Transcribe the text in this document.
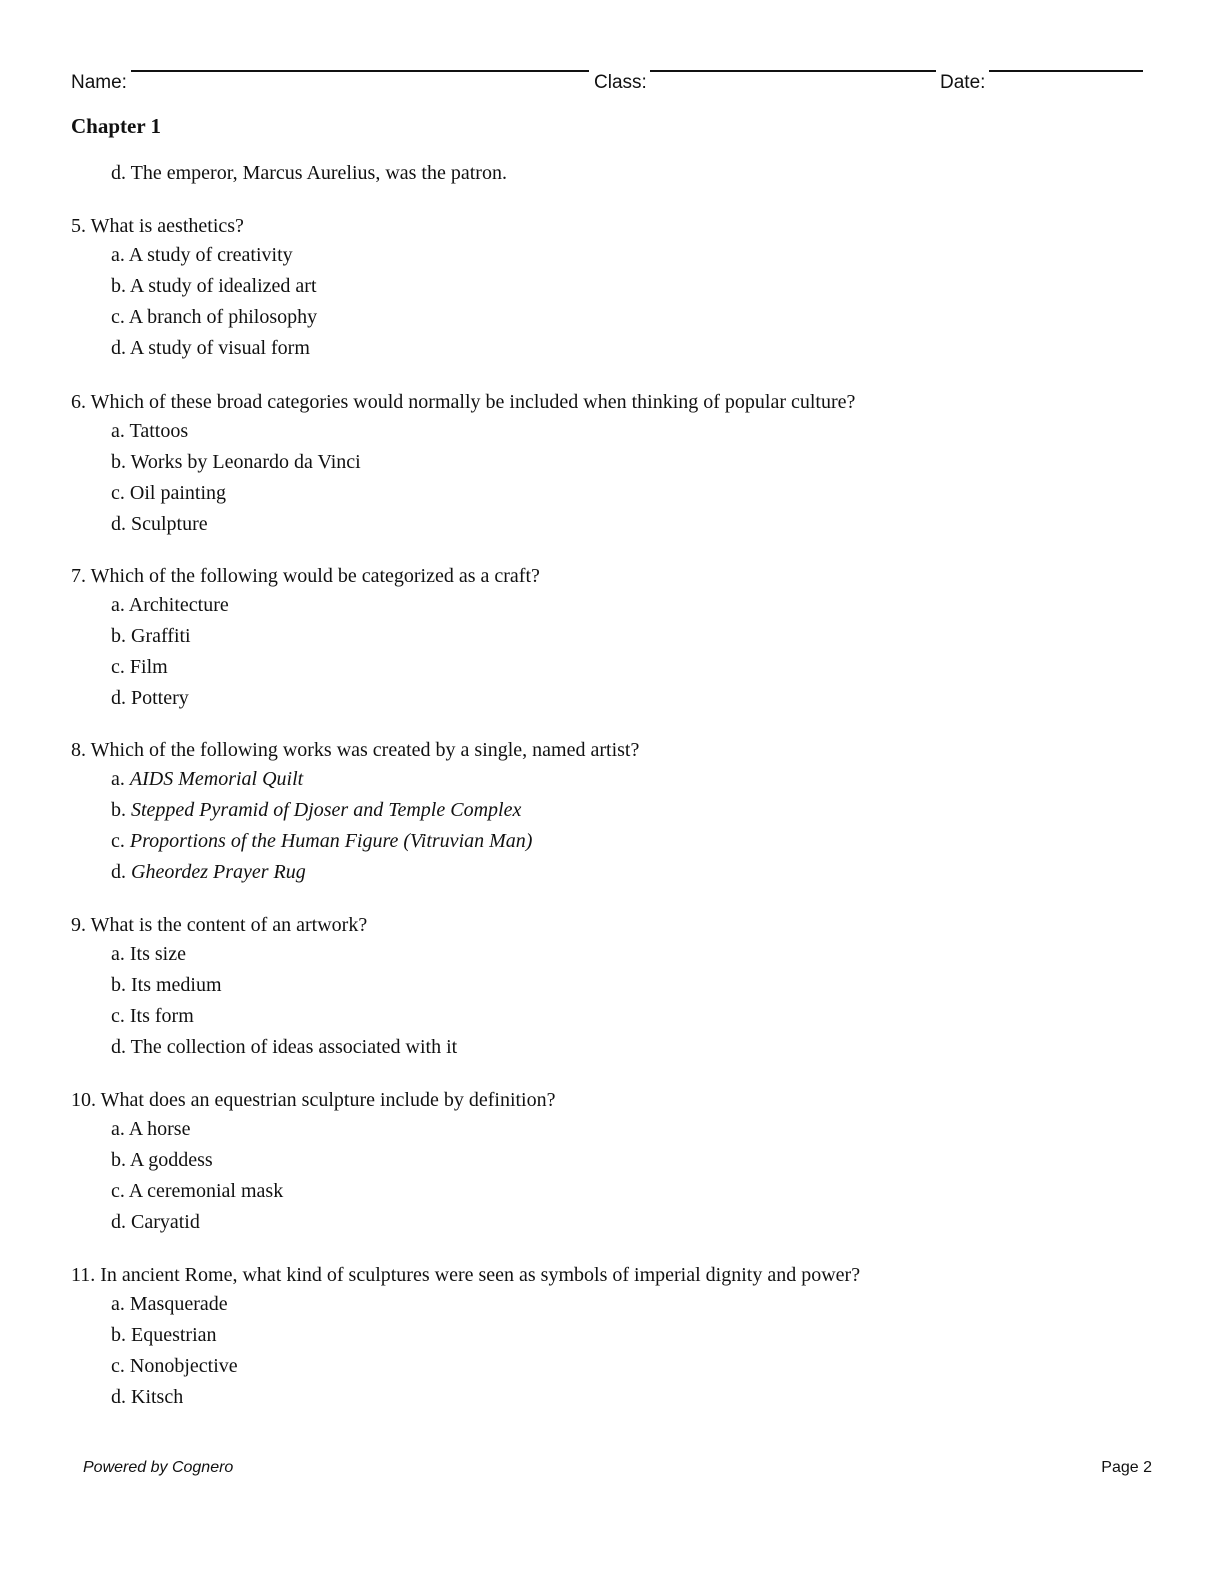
Name:	Class:	Date:
Chapter 1
d. The emperor, Marcus Aurelius, was the patron.
5. What is aesthetics?
a. A study of creativity
b. A study of idealized art
c. A branch of philosophy
d. A study of visual form
6. Which of these broad categories would normally be included when thinking of popular culture?
a. Tattoos
b. Works by Leonardo da Vinci
c. Oil painting
d. Sculpture
7. Which of the following would be categorized as a craft?
a. Architecture
b. Graffiti
c. Film
d. Pottery
8. Which of the following works was created by a single, named artist?
a. AIDS Memorial Quilt
b. Stepped Pyramid of Djoser and Temple Complex
c. Proportions of the Human Figure (Vitruvian Man)
d. Gheordez Prayer Rug
9. What is the content of an artwork?
a. Its size
b. Its medium
c. Its form
d. The collection of ideas associated with it
10. What does an equestrian sculpture include by definition?
a. A horse
b. A goddess
c. A ceremonial mask
d. Caryatid
11. In ancient Rome, what kind of sculptures were seen as symbols of imperial dignity and power?
a. Masquerade
b. Equestrian
c. Nonobjective
d. Kitsch
Powered by Cognero	Page 2
